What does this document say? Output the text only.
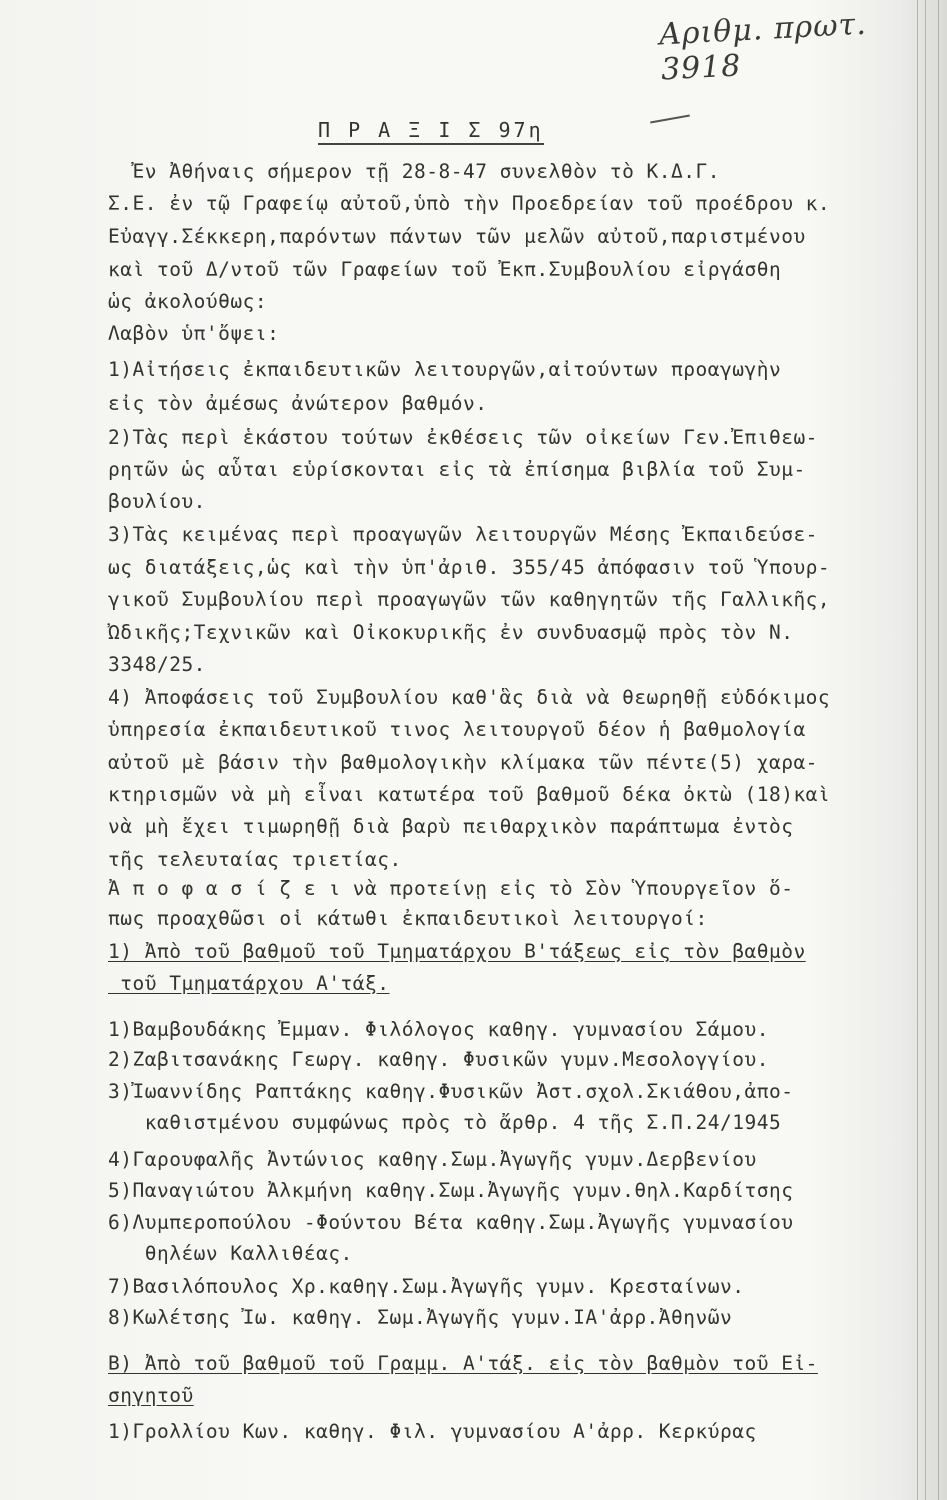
Αριθμ. πρωτ. 3918
Π Ρ Α Ξ Ι Σ 97η
Ἐν Ἀθήναις σήμερον τῇ 28-8-47 συνελθὸν τὸ Κ.Δ.Γ.
Σ.Ε. ἐν τῷ Γραφείῳ αὐτοῦ,ὑπὸ τὴν Προεδρείαν τοῦ προέδρου κ.
Εὐαγγ.Σέκκερη,παρόντων πάντων τῶν μελῶν αὐτοῦ,παριστμένου
καὶ τοῦ Δ/ντοῦ τῶν Γραφείων τοῦ Ἐκπ.Συμβουλίου εἰργάσθη
ὡς ἀκολούθως:
Λαβὸν ὑπ'ὄψει:
1)Αἰτήσεις ἐκπαιδευτικῶν λειτουργῶν,αἰτούντων προαγωγὴν
εἰς τὸν ἀμέσως ἀνώτερον βαθμόν.
2)Τὰς περὶ ἑκάστου τούτων ἐκθέσεις τῶν οἰκείων Γεν.Ἐπιθεω-
ρητῶν ὡς αὗται εὑρίσκονται εἰς τὰ ἐπίσημα βιβλία τοῦ Συμ-
βουλίου.
3)Τὰς κειμένας περὶ προαγωγῶν λειτουργῶν Μέσης Ἐκπαιδεύσε-
ως διατάξεις,ὡς καὶ τὴν ὑπ'ἀριθ. 355/45 ἀπόφασιν τοῦ Ὑπουρ-
γικοῦ Συμβουλίου περὶ προαγωγῶν τῶν καθηγητῶν τῆς Γαλλικῆς,
Ὠδικῆς;Τεχνικῶν καὶ Οἰκοκυρικῆς ἐν συνδυασμῷ πρὸς τὸν Ν.
3348/25.
4) Ἀποφάσεις τοῦ Συμβουλίου καθ'ἃς διὰ νὰ θεωρηθῇ εὐδόκιμος
ὑπηρεσία ἐκπαιδευτικοῦ τινος λειτουργοῦ δέον ἡ βαθμολογία
αὐτοῦ μὲ βάσιν τὴν βαθμολογικὴν κλίμακα τῶν πέντε(5) χαρα-
κτηρισμῶν νὰ μὴ εἶναι κατωτέρα τοῦ βαθμοῦ δέκα ὀκτὼ (18)καὶ
νὰ μὴ ἔχει τιμωρηθῇ διὰ βαρὺ πειθαρχικὸν παράπτωμα ἐντὸς
τῆς τελευταίας τριετίας.
Ἀ π ο φ α σ ί ζ ε ι νὰ προτείνῃ εἰς τὸ Σὸν Ὑπουργεῖον ὅ-
πως προαχθῶσι οἱ κάτωθι ἐκπαιδευτικοὶ λειτουργοί:
1) Ἀπὸ τοῦ βαθμοῦ τοῦ Τμηματάρχου Β'τάξεως εἰς τὸν βαθμὸν
τοῦ Τμηματάρχου Α'τάξ.
1)Βαμβουδάκης Ἐμμαν. Φιλόλογος καθηγ. γυμνασίου Σάμου.
2)Ζαβιτσανάκης Γεωργ. καθηγ. Φυσικῶν γυμν.Μεσολογγίου.
3)Ἰωαννίδης Ραπτάκης καθηγ.Φυσικῶν Ἀστ.σχολ.Σκιάθου,ἀπο-
καθιστμένου συμφώνως πρὸς τὸ ἄρθρ. 4 τῆς Σ.Π.24/1945
4)Γαρουφαλῆς Ἀντώνιος καθηγ.Σωμ.Ἀγωγῆς γυμν.Δερβενίου
5)Παναγιώτου Ἀλκμήνη καθηγ.Σωμ.Ἀγωγῆς γυμν.θηλ.Καρδίτσης
6)Λυμπεροπούλου -Φούντου Βέτα καθηγ.Σωμ.Ἀγωγῆς γυμνασίου
θηλέων Καλλιθέας.
7)Βασιλόπουλος Χρ.καθηγ.Σωμ.Ἀγωγῆς γυμν. Κρεσταίνων.
8)Κωλέτσης Ἰω. καθηγ. Σωμ.Ἀγωγῆς γυμν.ΙΑ'ἀρρ.Ἀθηνῶν
Β) Ἀπὸ τοῦ βαθμοῦ τοῦ Γραμμ. Α'τάξ. εἰς τὸν βαθμὸν τοῦ Εἰ-
σηγητοῦ
1)Γρολλίου Κων. καθηγ. Φιλ. γυμνασίου Α'ἀρρ. Κερκύρας
